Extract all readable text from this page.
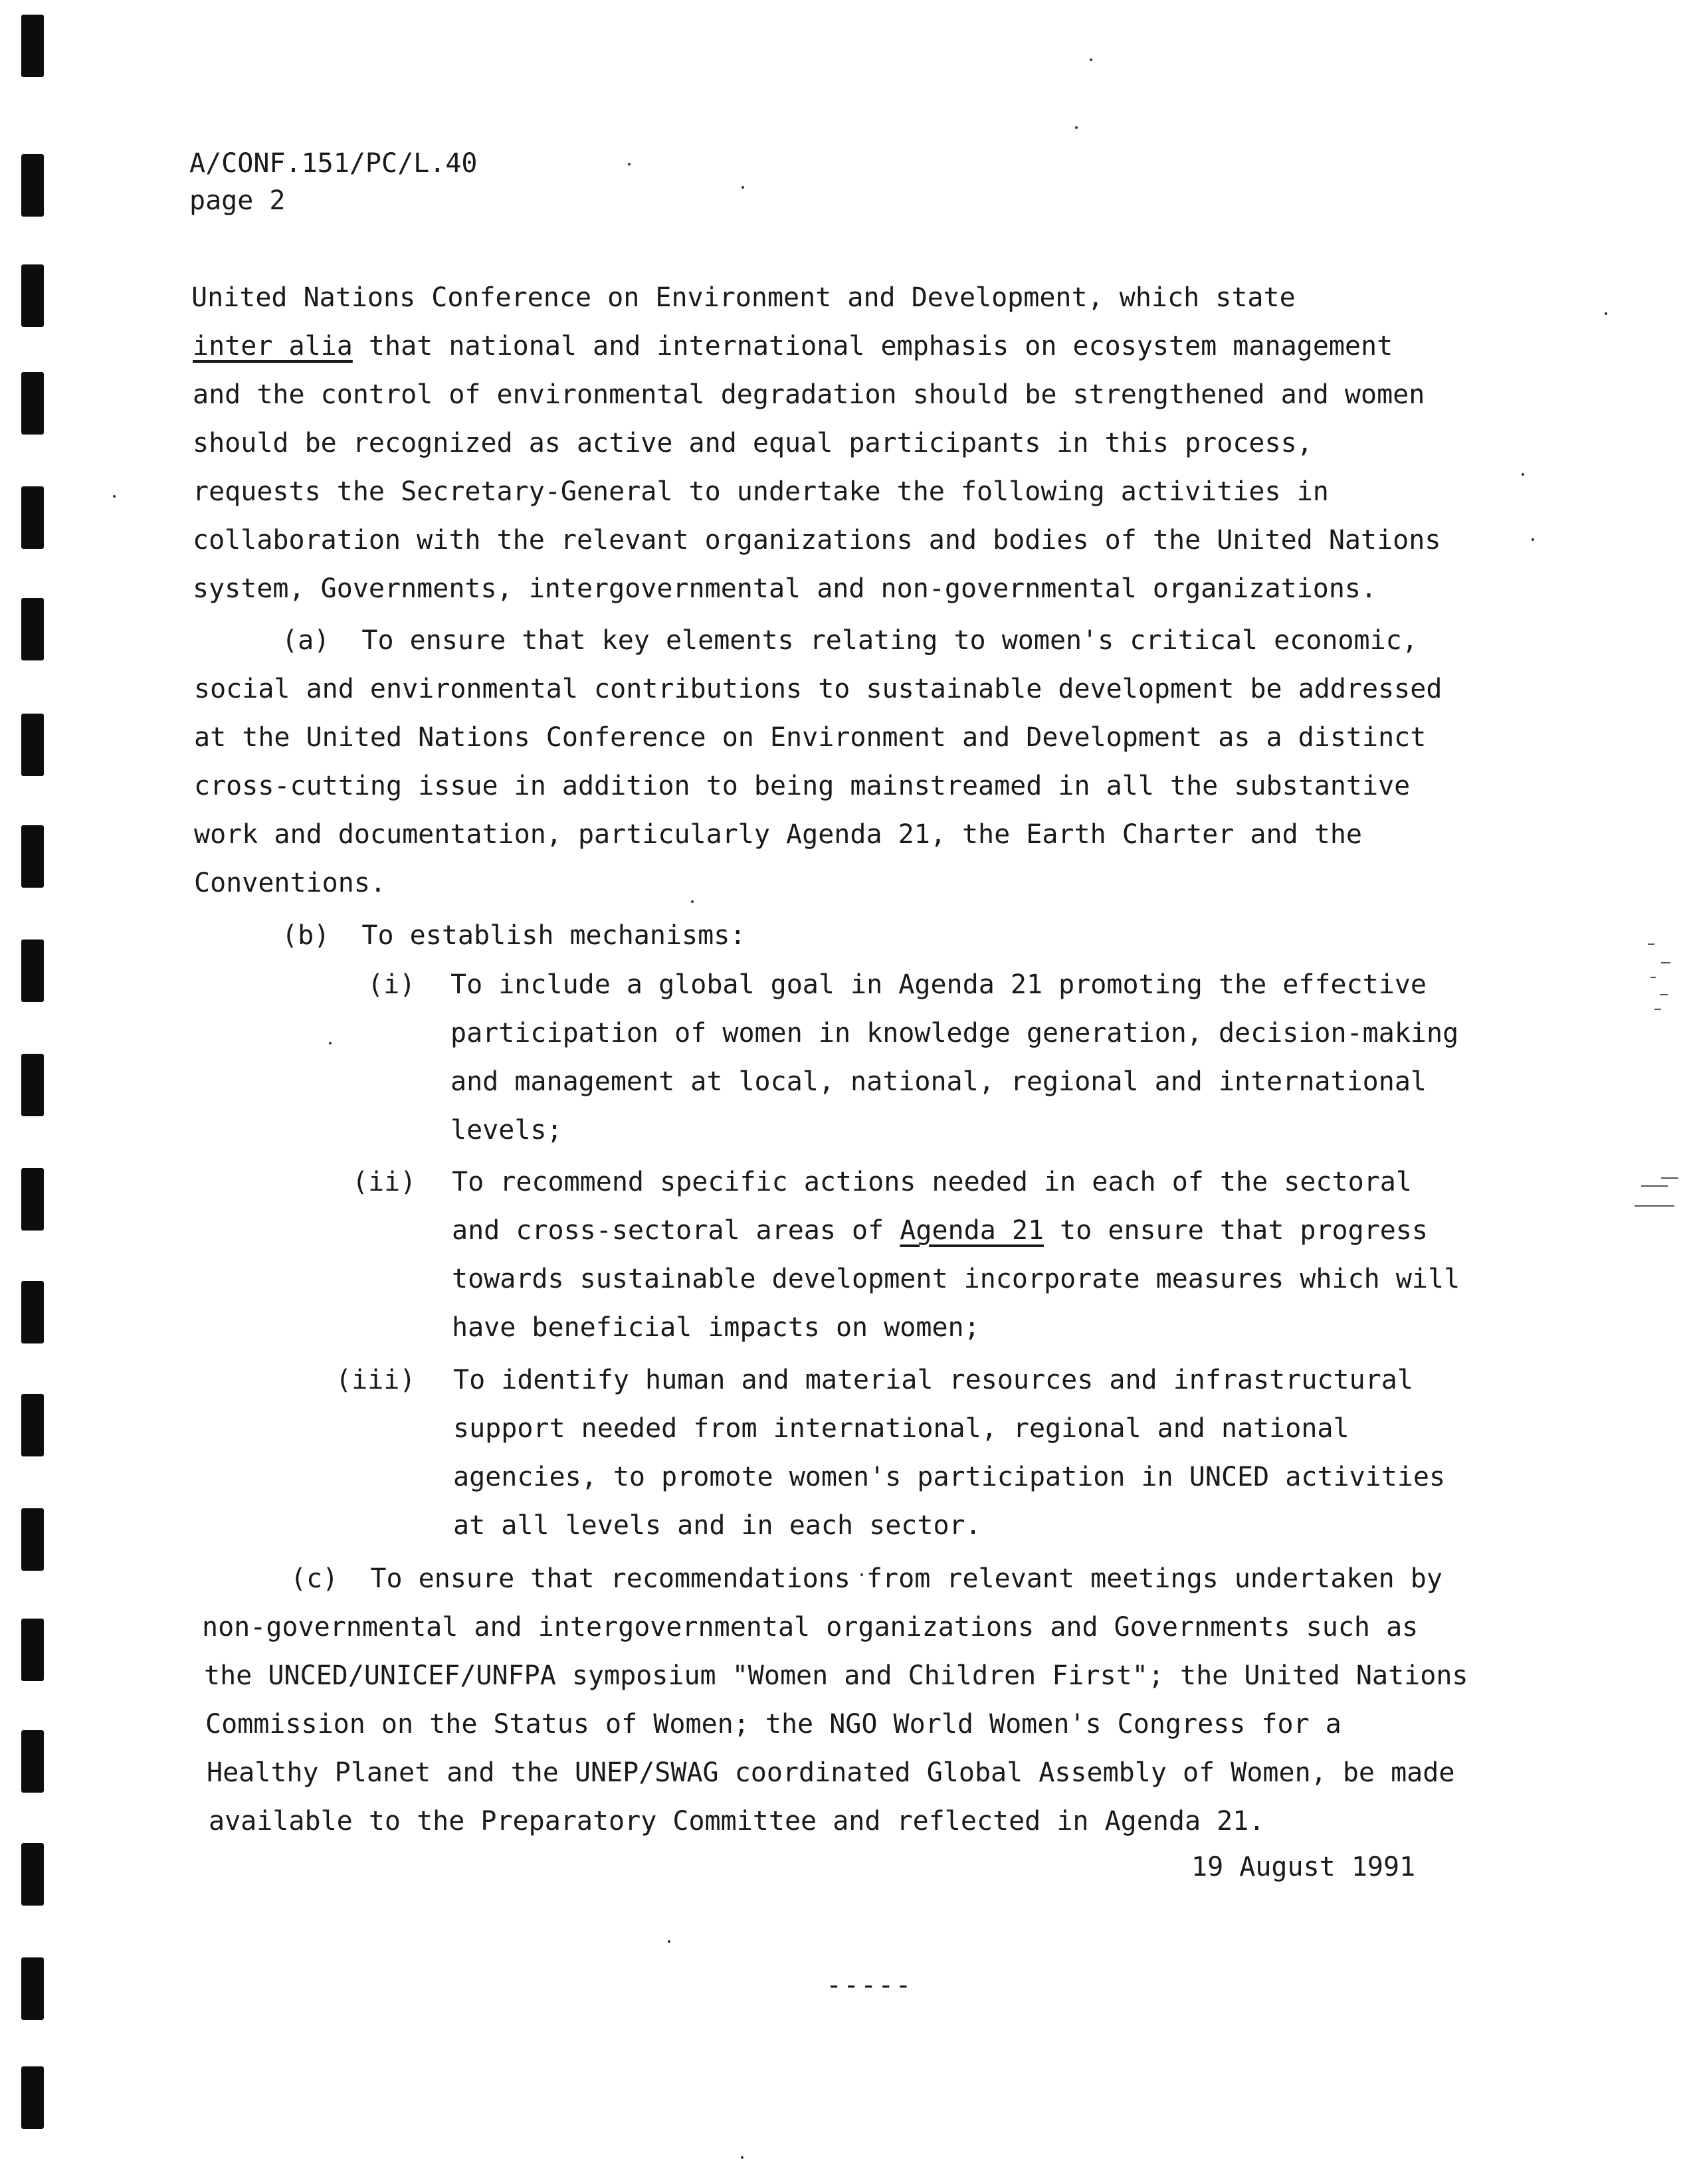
A/CONF.151/PC/L.40
page 2
United Nations Conference on Environment and Development, which state
inter alia that national and international emphasis on ecosystem management
and the control of environmental degradation should be strengthened and women
should be recognized as active and equal participants in this process,
requests the Secretary-General to undertake the following activities in
collaboration with the relevant organizations and bodies of the United Nations
system, Governments, intergovernmental and non-governmental organizations.
(a)  To ensure that key elements relating to women's critical economic,
social and environmental contributions to sustainable development be addressed
at the United Nations Conference on Environment and Development as a distinct
cross-cutting issue in addition to being mainstreamed in all the substantive
work and documentation, particularly Agenda 21, the Earth Charter and the
Conventions.
(b)  To establish mechanisms:
(i) To include a global goal in Agenda 21 promoting the effective
participation of women in knowledge generation, decision-making
and management at local, national, regional and international
levels;
(ii) To recommend specific actions needed in each of the sectoral
and cross-sectoral areas of Agenda 21 to ensure that progress
towards sustainable development incorporate measures which will
have beneficial impacts on women;
(iii) To identify human and material resources and infrastructural
support needed from international, regional and national
agencies, to promote women's participation in UNCED activities
at all levels and in each sector.
(c)  To ensure that recommendations from relevant meetings undertaken by
non-governmental and intergovernmental organizations and Governments such as
the UNCED/UNICEF/UNFPA symposium "Women and Children First"; the United Nations
Commission on the Status of Women; the NGO World Women's Congress for a
Healthy Planet and the UNEP/SWAG coordinated Global Assembly of Women, be made
available to the Preparatory Committee and reflected in Agenda 21.
19 August 1991
-----
